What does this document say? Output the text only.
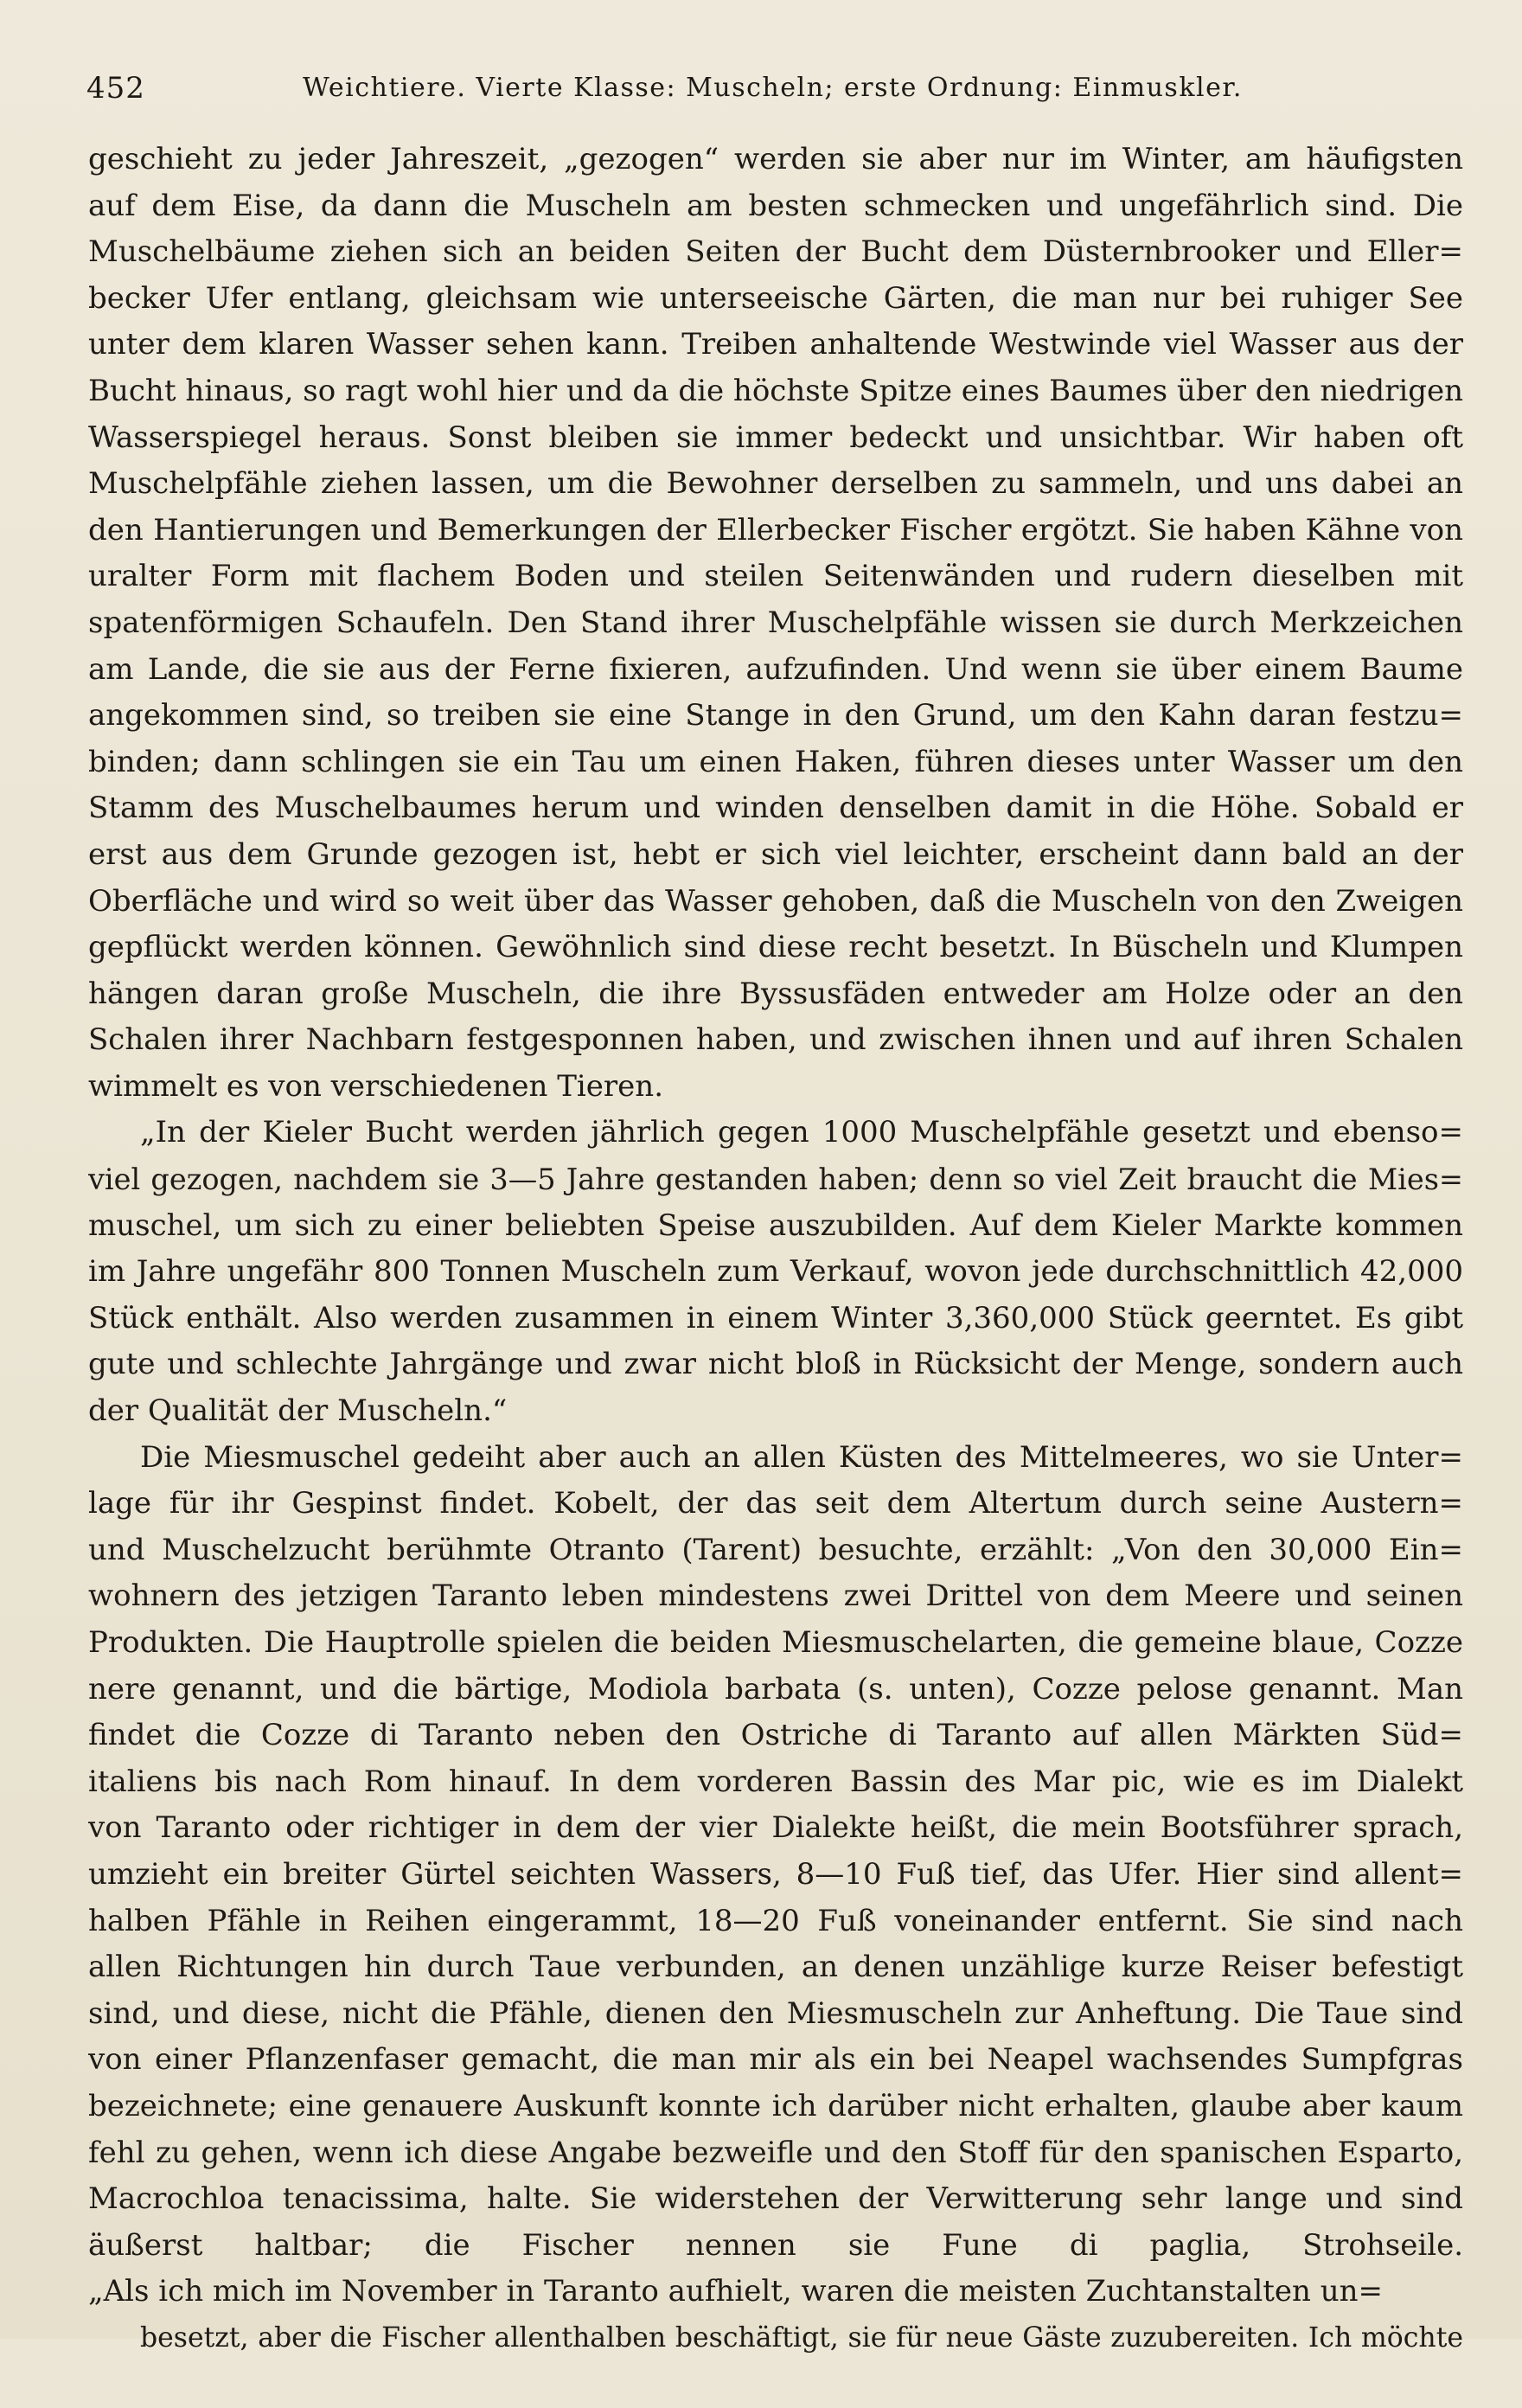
452	Weichtiere. Vierte Klasse: Muscheln; erste Ordnung: Einmuskler.
geschieht zu jeder Jahreszeit, „gezogen“ werden sie aber nur im Winter, am häufigsten
auf dem Eise, da dann die Muscheln am besten schmecken und ungefährlich sind. Die
Muschelbäume ziehen sich an beiden Seiten der Bucht dem Düsternbrooker und Eller=
becker Ufer entlang, gleichsam wie unterseeische Gärten, die man nur bei ruhiger See
unter dem klaren Wasser sehen kann. Treiben anhaltende Westwinde viel Wasser aus der
Bucht hinaus, so ragt wohl hier und da die höchste Spitze eines Baumes über den niedrigen
Wasserspiegel heraus. Sonst bleiben sie immer bedeckt und unsichtbar. Wir haben oft
Muschelpfähle ziehen lassen, um die Bewohner derselben zu sammeln, und uns dabei an
den Hantierungen und Bemerkungen der Ellerbecker Fischer ergötzt. Sie haben Kähne von
uralter Form mit flachem Boden und steilen Seitenwänden und rudern dieselben mit
spatenförmigen Schaufeln. Den Stand ihrer Muschelpfähle wissen sie durch Merkzeichen
am Lande, die sie aus der Ferne fixieren, aufzufinden. Und wenn sie über einem Baume
angekommen sind, so treiben sie eine Stange in den Grund, um den Kahn daran festzu=
binden; dann schlingen sie ein Tau um einen Haken, führen dieses unter Wasser um den
Stamm des Muschelbaumes herum und winden denselben damit in die Höhe. Sobald er
erst aus dem Grunde gezogen ist, hebt er sich viel leichter, erscheint dann bald an der
Oberfläche und wird so weit über das Wasser gehoben, daß die Muscheln von den Zweigen
gepflückt werden können. Gewöhnlich sind diese recht besetzt. In Büscheln und Klumpen
hängen daran große Muscheln, die ihre Byssusfäden entweder am Holze oder an den
Schalen ihrer Nachbarn festgesponnen haben, und zwischen ihnen und auf ihren Schalen
wimmelt es von verschiedenen Tieren.
„In der Kieler Bucht werden jährlich gegen 1000 Muschelpfähle gesetzt und ebenso=
viel gezogen, nachdem sie 3—5 Jahre gestanden haben; denn so viel Zeit braucht die Mies=
muschel, um sich zu einer beliebten Speise auszubilden. Auf dem Kieler Markte kommen
im Jahre ungefähr 800 Tonnen Muscheln zum Verkauf, wovon jede durchschnittlich 42,000
Stück enthält. Also werden zusammen in einem Winter 3,360,000 Stück geerntet. Es gibt
gute und schlechte Jahrgänge und zwar nicht bloß in Rücksicht der Menge, sondern auch
der Qualität der Muscheln.“
Die Miesmuschel gedeiht aber auch an allen Küsten des Mittelmeeres, wo sie Unter=
lage für ihr Gespinst findet. Kobelt, der das seit dem Altertum durch seine Austern=
und Muschelzucht berühmte Otranto (Tarent) besuchte, erzählt: „Von den 30,000 Ein=
wohnern des jetzigen Taranto leben mindestens zwei Drittel von dem Meere und seinen
Produkten. Die Hauptrolle spielen die beiden Miesmuschelarten, die gemeine blaue, Cozze
nere genannt, und die bärtige, Modiola barbata (s. unten), Cozze pelose genannt. Man
findet die Cozze di Taranto neben den Ostriche di Taranto auf allen Märkten Süd=
italiens bis nach Rom hinauf. In dem vorderen Bassin des Mar pic, wie es im Dialekt
von Taranto oder richtiger in dem der vier Dialekte heißt, die mein Bootsführer sprach,
umzieht ein breiter Gürtel seichten Wassers, 8—10 Fuß tief, das Ufer. Hier sind allent=
halben Pfähle in Reihen eingerammt, 18—20 Fuß voneinander entfernt. Sie sind nach
allen Richtungen hin durch Taue verbunden, an denen unzählige kurze Reiser befestigt
sind, und diese, nicht die Pfähle, dienen den Miesmuscheln zur Anheftung. Die Taue sind
von einer Pflanzenfaser gemacht, die man mir als ein bei Neapel wachsendes Sumpfgras
bezeichnete; eine genauere Auskunft konnte ich darüber nicht erhalten, glaube aber kaum
fehl zu gehen, wenn ich diese Angabe bezweifle und den Stoff für den spanischen Esparto,
Macrochloa tenacissima, halte. Sie widerstehen der Verwitterung sehr lange und sind
äußerst haltbar; die Fischer nennen sie Fune di paglia, Strohseile.
„Als ich mich im November in Taranto aufhielt, waren die meisten Zuchtanstalten un=
besetzt, aber die Fischer allenthalben beschäftigt, sie für neue Gäste zuzubereiten. Ich möchte
